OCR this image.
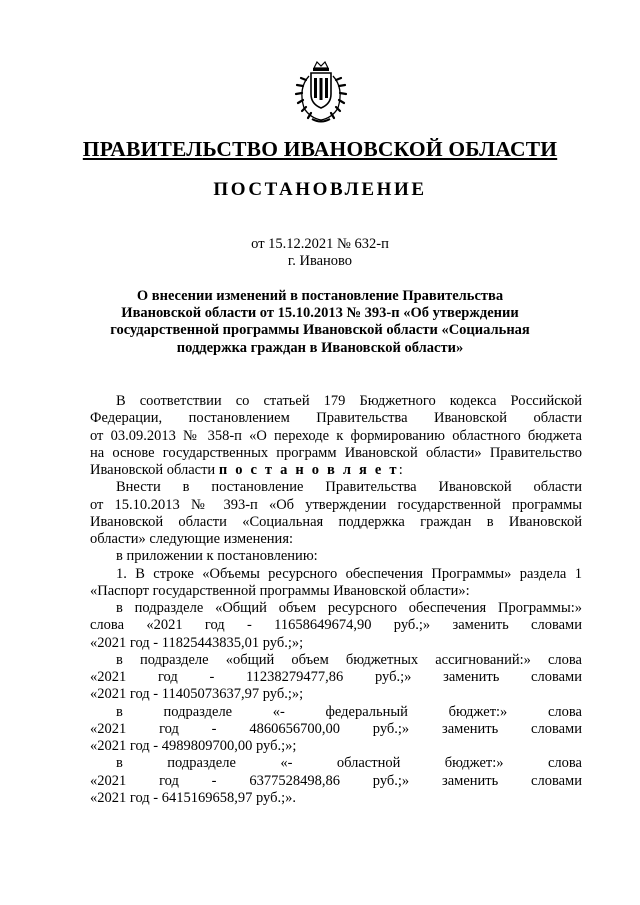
ПРАВИТЕЛЬСТВО ИВАНОВСКОЙ ОБЛАСТИ
ПОСТАНОВЛЕНИЕ
от 15.12.2021 № 632-п
г. Иваново
О внесении изменений в постановление Правительства
Ивановской области от 15.10.2013 № 393-п «Об утверждении
государственной программы Ивановской области «Социальная
поддержка граждан в Ивановской области»

В соответствии со статьей 179 Бюджетного кодекса Российской

Федерации, постановлением Правительства Ивановской области

от 03.09.2013 № 358-п «О переходе к формированию областного бюджета

на основе государственных программ Ивановской области» Правительство

Ивановской области п о с т а н о в л я е т:

Внести в постановление Правительства Ивановской области

от 15.10.2013 № 393-п «Об утверждении государственной программы

Ивановской области «Социальная поддержка граждан в Ивановской

области» следующие изменения:

в приложении к постановлению:

1. В строке «Объемы ресурсного обеспечения Программы» раздела 1

«Паспорт государственной программы Ивановской области»:

в подразделе «Общий объем ресурсного обеспечения Программы:»

слова «2021 год - 11658649674,90 руб.;» заменить словами

«2021 год - 11825443835,01 руб.;»;

в подразделе «общий объем бюджетных ассигнований:» слова

«2021 год - 11238279477,86 руб.;» заменить словами

«2021 год - 11405073637,97 руб.;»;

в подразделе «- федеральный бюджет:» слова

«2021 год - 4860656700,00 руб.;» заменить словами

«2021 год - 4989809700,00 руб.;»;

в подразделе «- областной бюджет:» слова

«2021 год - 6377528498,86 руб.;» заменить словами

«2021 год - 6415169658,97 руб.;».
